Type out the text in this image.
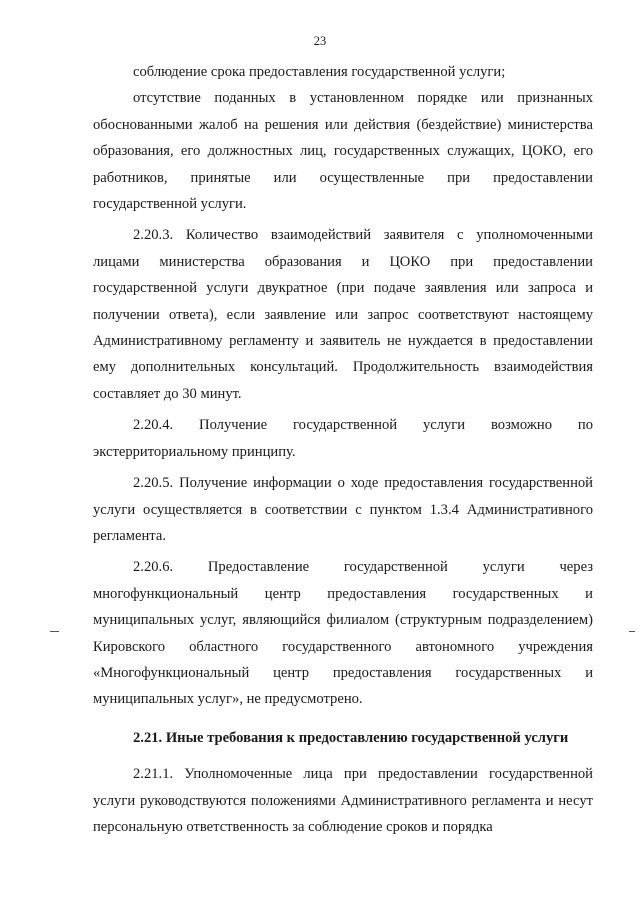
23

соблюдение срока предоставления государственной услуги;

отсутствие поданных в установленном порядке или признанных обоснованными жалоб на решения или действия (бездействие) министерства образования, его должностных лиц, государственных служащих, ЦОКО, его работников, принятые или осуществленные при предоставлении государственной услуги.

2.20.3. Количество взаимодействий заявителя с уполномоченными лицами министерства образования и ЦОКО при предоставлении государственной услуги двукратное (при подаче заявления или запроса и получении ответа), если заявление или запрос соответствуют настоящему Административному регламенту и заявитель не нуждается в предоставлении ему дополнительных консультаций. Продолжительность взаимодействия составляет до 30 минут.

2.20.4. Получение государственной услуги возможно по экстерриториальному принципу.

2.20.5. Получение информации о ходе предоставления государственной услуги осуществляется в соответствии с пунктом 1.3.4 Административного регламента.

2.20.6. Предоставление государственной услуги через многофункциональный центр предоставления государственных и муниципальных услуг, являющийся филиалом (структурным подразделением) Кировского областного государственного автономного учреждения «Многофункциональный центр предоставления государственных и муниципальных услуг», не предусмотрено.

2.21. Иные требования к предоставлению государственной услуги

2.21.1. Уполномоченные лица при предоставлении государственной услуги руководствуются положениями Административного регламента и несут персональную ответственность за соблюдение сроков и порядка
